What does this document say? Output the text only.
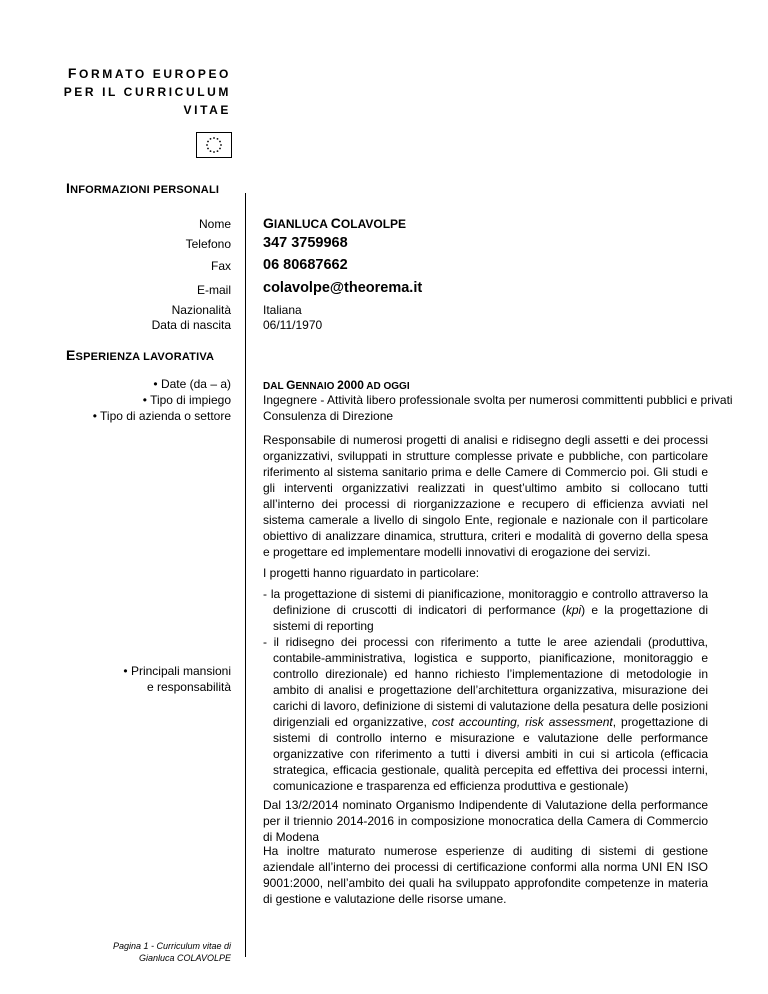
FORMATO EUROPEO
PER IL CURRICULUM
VITAE
INFORMAZIONI PERSONALI
Nome GIANLUCA COLAVOLPE
Telefono 347 3759968
Fax 06 80687662
E-mail colavolpe@theorema.it
Nazionalità	Italiana
Data di nascita	06/11/1970
ESPERIENZA LAVORATIVA
• Date (da – a)
• Tipo di impiego
• Tipo di azienda o settore
DAL GENNAIO 2000 AD OGGI
Ingegnere - Attività libero professionale svolta per numerosi committenti pubblici e privati
Consulenza di Direzione
Responsabile di numerosi progetti di analisi e ridisegno degli assetti e dei processi organizzativi, sviluppati in strutture complesse private e pubbliche, con particolare riferimento al sistema sanitario prima e delle Camere di Commercio poi. Gli studi e gli interventi organizzativi realizzati in quest’ultimo ambito si collocano tutti all’interno dei processi di riorganizzazione e recupero di efficienza avviati nel sistema camerale a livello di singolo Ente, regionale e nazionale con il particolare obiettivo di analizzare dinamica, struttura, criteri e modalità di governo della spesa e progettare ed implementare modelli innovativi di erogazione dei servizi.
I progetti hanno riguardato in particolare:
- la progettazione di sistemi di pianificazione, monitoraggio e controllo attraverso la definizione di cruscotti di indicatori di performance (kpi) e la progettazione di sistemi di reporting
- il ridisegno dei processi con riferimento a tutte le aree aziendali (produttiva, contabile-amministrativa, logistica e supporto, pianificazione, monitoraggio e controllo direzionale) ed hanno richiesto l’implementazione di metodologie in ambito di analisi e progettazione dell’architettura organizzativa, misurazione dei carichi di lavoro, definizione di sistemi di valutazione della pesatura delle posizioni dirigenziali ed organizzative, cost accounting, risk assessment, progettazione di sistemi di controllo interno e misurazione e valutazione delle performance organizzative con riferimento a tutti i diversi ambiti in cui si articola (efficacia strategica, efficacia gestionale, qualità percepita ed effettiva dei processi interni, comunicazione e trasparenza ed efficienza produttiva e gestionale)
• Principali mansioni
e responsabilità
Dal 13/2/2014 nominato Organismo Indipendente di Valutazione della performance per il triennio 2014-2016 in composizione monocratica della Camera di Commercio di Modena
Ha inoltre maturato numerose esperienze di auditing di sistemi di gestione aziendale all’interno dei processi di certificazione conformi alla norma UNI EN ISO 9001:2000, nell’ambito dei quali ha sviluppato approfondite competenze in materia di gestione e valutazione delle risorse umane.
Pagina 1 - Curriculum vitae di
Gianluca COLAVOLPE
